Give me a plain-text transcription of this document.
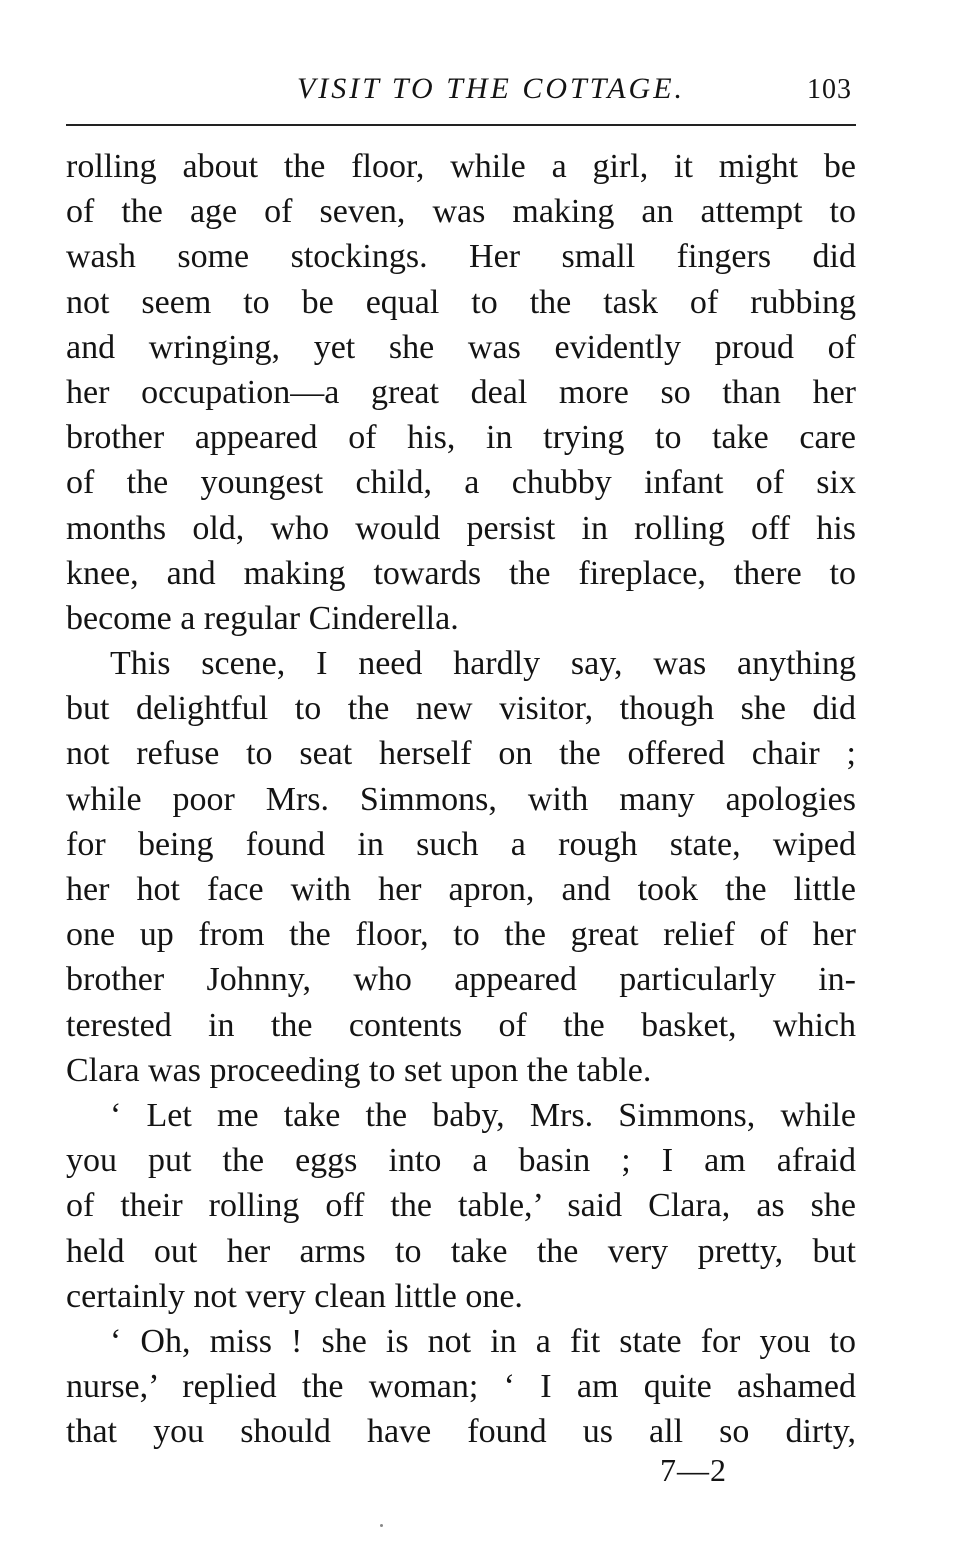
VISIT TO THE COTTAGE.	103
rolling about the floor, while a girl, it might be
of the age of seven, was making an attempt to
wash some stockings. Her small fingers did
not seem to be equal to the task of rubbing
and wringing, yet she was evidently proud of
her occupation—a great deal more so than her
brother appeared of his, in trying to take care
of the youngest child, a chubby infant of six
months old, who would persist in rolling off his
knee, and making towards the fireplace, there to
become a regular Cinderella.
This scene, I need hardly say, was anything
but delightful to the new visitor, though she did
not refuse to seat herself on the offered chair ;
while poor Mrs. Simmons, with many apologies
for being found in such a rough state, wiped
her hot face with her apron, and took the little
one up from the floor, to the great relief of her
brother Johnny, who appeared particularly in-
terested in the contents of the basket, which
Clara was proceeding to set upon the table.
‘ Let me take the baby, Mrs. Simmons, while
you put the eggs into a basin ; I am afraid
of their rolling off the table,’ said Clara, as she
held out her arms to take the very pretty, but
certainly not very clean little one.
‘ Oh, miss ! she is not in a fit state for you to
nurse,’ replied the woman; ‘ I am quite ashamed
that you should have found us all so dirty,
7—2
